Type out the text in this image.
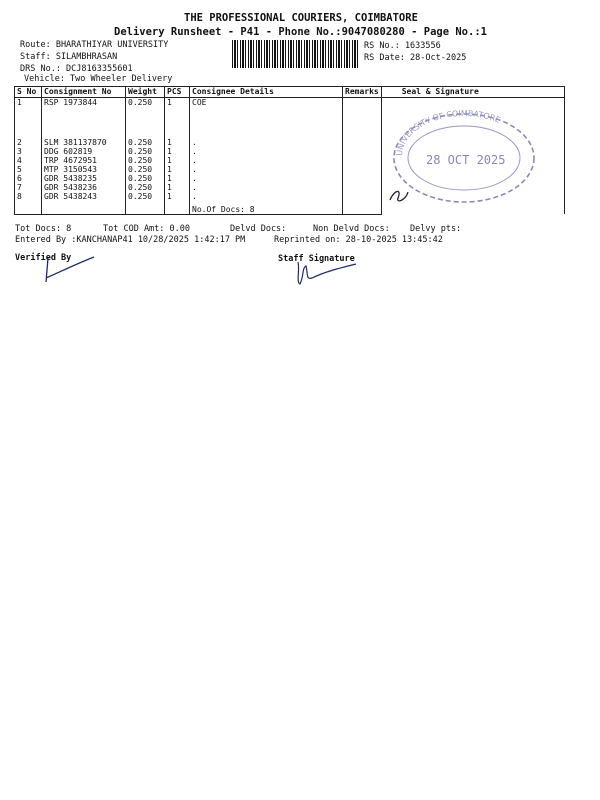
THE PROFESSIONAL COURIERS, COIMBATORE
Delivery Runsheet - P41 - Phone No.:9047080280 - Page No.:1
Route: BHARATHIYAR UNIVERSITY
Staff: SILAMBHRASAN
DRS No.: DCJ8163355601
Vehicle: Two Wheeler Delivery
RS No.: 1633556
RS Date: 28-Oct-2025
S No	Consignment No	Weight	PCS	Consignee Details	Remarks	Seal & Signature
1	RSP 1973844	0.250	1	COE		
2	SLM 381137870	0.250	1	.		
3	DDG 602819	0.250	1	.		
4	TRP 4672951	0.250	1	.		
5	MTP 3150543	0.250	1	.		
6	GDR 5438235	0.250	1	.		
7	GDR 5438236	0.250	1	.		
8	GDR 5438243	0.250	1	.		
				No.Of Docs: 8		
UNIVERSITY OF COIMBATORE
28 OCT 2025
Tot Docs: 8	Tot COD Amt: 0.00	Delvd Docs:	Non Delvd Docs: Delvy pts:
Entered By :KANCHANAP41 10/28/2025 1:42:17 PM	Reprinted on: 28-10-2025 13:45:42
Verified By	Staff Signature
